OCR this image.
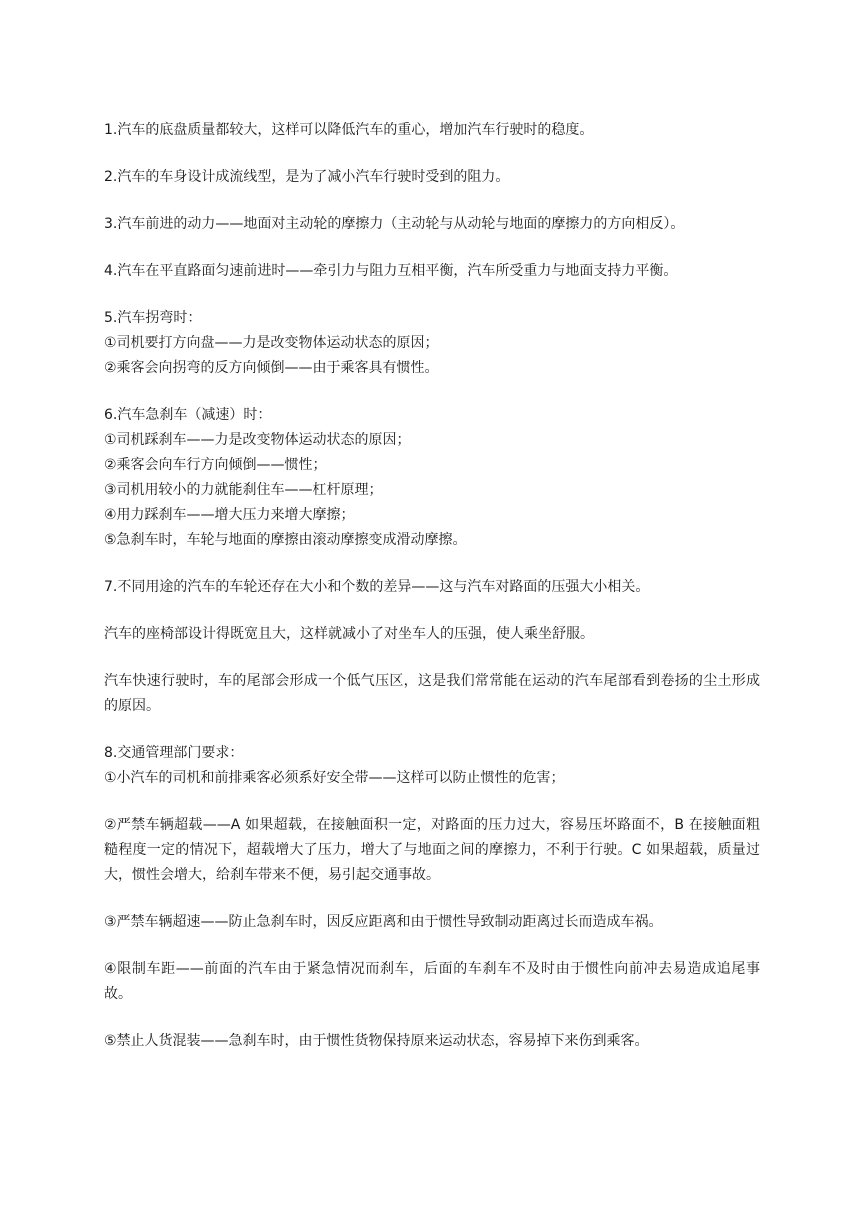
1.汽车的底盘质量都较大，这样可以降低汽车的重心，增加汽车行驶时的稳度。

2.汽车的车身设计成流线型，是为了减小汽车行驶时受到的阻力。

3.汽车前进的动力——地面对主动轮的摩擦力（主动轮与从动轮与地面的摩擦力的方向相反）。

4.汽车在平直路面匀速前进时——牵引力与阻力互相平衡，汽车所受重力与地面支持力平衡。

5.汽车拐弯时：
①司机要打方向盘——力是改变物体运动状态的原因；
②乘客会向拐弯的反方向倾倒——由于乘客具有惯性。

6.汽车急刹车（减速）时：
①司机踩刹车——力是改变物体运动状态的原因；
②乘客会向车行方向倾倒——惯性；
③司机用较小的力就能刹住车——杠杆原理；
④用力踩刹车——增大压力来增大摩擦；
⑤急刹车时，车轮与地面的摩擦由滚动摩擦变成滑动摩擦。

7.不同用途的汽车的车轮还存在大小和个数的差异——这与汽车对路面的压强大小相关。

汽车的座椅部设计得既宽且大，这样就减小了对坐车人的压强，使人乘坐舒服。

汽车快速行驶时，车的尾部会形成一个低气压区，这是我们常常能在运动的汽车尾部看到卷扬的尘土形成的原因。

8.交通管理部门要求：
①小汽车的司机和前排乘客必须系好安全带——这样可以防止惯性的危害；

②严禁车辆超载——A 如果超载，在接触面积一定，对路面的压力过大，容易压坏路面不，B 在接触面粗糙程度一定的情况下，超载增大了压力，增大了与地面之间的摩擦力，不利于行驶。C 如果超载，质量过大，惯性会增大，给刹车带来不便，易引起交通事故。

③严禁车辆超速——防止急刹车时，因反应距离和由于惯性导致制动距离过长而造成车祸。

④限制车距——前面的汽车由于紧急情况而刹车，后面的车刹车不及时由于惯性向前冲去易造成追尾事故。

⑤禁止人货混装——急刹车时，由于惯性货物保持原来运动状态，容易掉下来伤到乘客。
